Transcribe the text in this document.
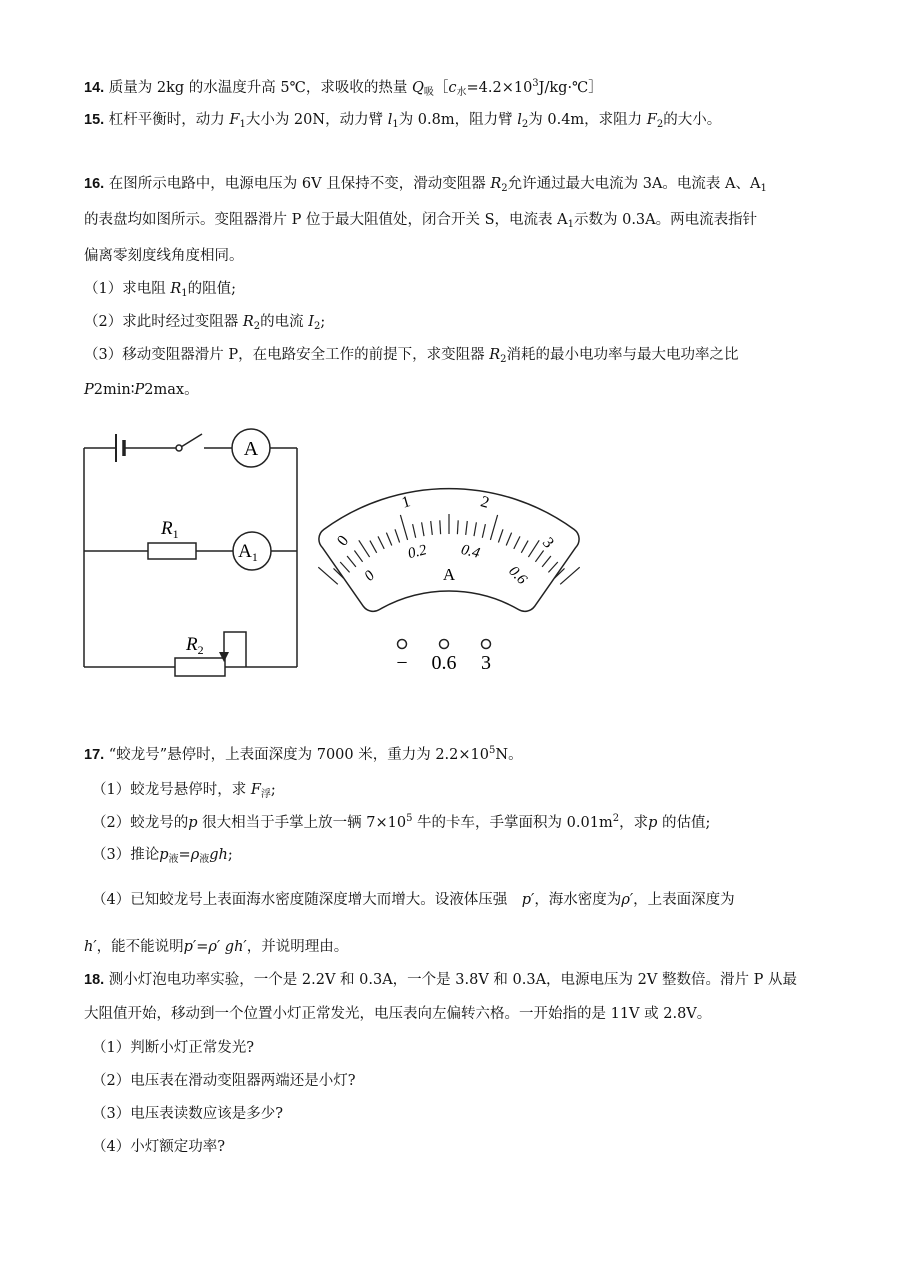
14. 质量为 2kg 的水温度升高 5℃，求吸收的热量 $Q_吸[c_水=4.2\times 10^3J/kg\cdot℃]$
15. 杠杆平衡时，动力 $F_1$大小为 20N，动力臂 $l_1$为 0.8m，阻力臂 $l_2$为 0.4m，求阻力 $F_2$的大小。
16. 在图所示电路中，电源电压为 6V 且保持不变，滑动变阻器 $R_2$允许通过最大电流为 3A。电流表 A、$A_1$
的表盘均如图所示。变阻器滑片 P 位于最大阻值处，闭合开关 S，电流表 $A_1$示数为 0.3A。两电流表指针
偏离零刻度线角度相同。
（1）求电阻 $R_1$的阻值;
（2）求此时经过变阻器 $R_2$的电流 $I_2$;
（3）移动变阻器滑片 P，在电路安全工作的前提下，求变阻器 $R_2$消耗的最小电功率与最大电功率之比
P2min∶P2max。
A
$A_1$
$R_1$
$R_2$
0
1	2
3
0
0.2 0.4
0.6
A
− 0.6 3
17. “蛟龙号”悬停时，上表面深度为 7000 米，重力为 $2.2\times 10^5N$。
（1）蛟龙号悬停时，求 $F_浮$;
（2）蛟龙号的p 很大相当于手掌上放一辆 $7\times 10^5$ 牛的卡车，手掌面积为 $0.01m^2$，求p 的估值;
（3）推论$p_液=\rho_液gh$;
（4）已知蛟龙号上表面海水密度随深度增大而增大。设液体压强　p′，海水密度为ρ′，上表面深度为
h′，能不能说明p′=ρ′ gh′，并说明理由。
18. 测小灯泡电功率实验，一个是 2.2V 和 0.3A，一个是 3.8V 和 0.3A，电源电压为 2V 整数倍。滑片 P 从最
大阻值开始，移动到一个位置小灯正常发光，电压表向左偏转六格。一开始指的是 11V 或 2.8V。
（1）判断小灯正常发光?
（2）电压表在滑动变阻器两端还是小灯?
（3）电压表读数应该是多少?
（4）小灯额定功率?
